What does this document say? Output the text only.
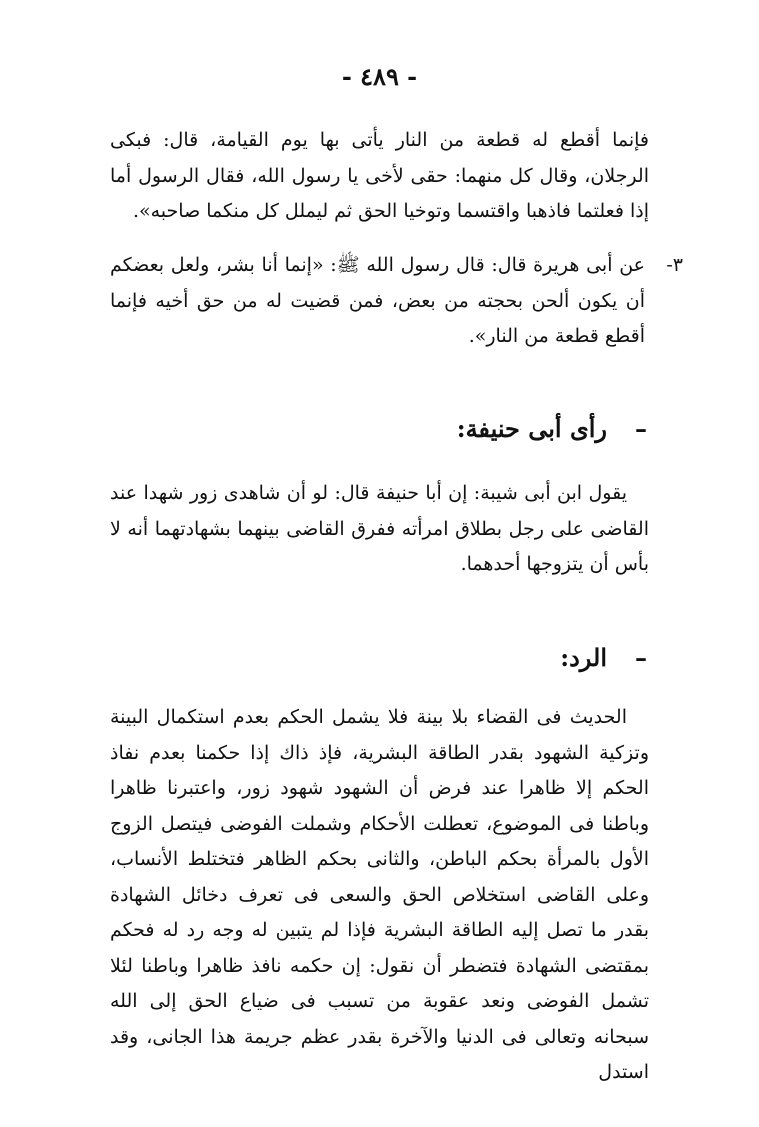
- ٤٨٩ -

فإنما أقطع له قطعة من النار يأتى بها يوم القيامة، قال: فبكى الرجلان، وقال كل منهما: حقى لأخى يا رسول الله، فقال الرسول أما إذا فعلتما فاذهبا واقتسما وتوخيا الحق ثم ليملل كل منكما صاحبه».

٣-

عن أبى هريرة قال: قال رسول الله ﷺ: «إنما أنا بشر، ولعل بعضكم أن يكون ألحن بحجته من بعض، فمن قضيت له من حق أخيه فإنما أقطع قطعة من النار».

–رأى أبى حنيفة:

يقول ابن أبى شيبة: إن أبا حنيفة قال: لو أن شاهدى زور شهدا عند القاضى على رجل بطلاق امرأته ففرق القاضى بينهما بشهادتهما أنه لا بأس أن يتزوجها أحدهما.

–الرد:

الحديث فى القضاء بلا بينة فلا يشمل الحكم بعدم استكمال البينة وتزكية الشهود بقدر الطاقة البشرية، فإذ ذاك إذا حكمنا بعدم نفاذ الحكم إلا ظاهرا عند فرض أن الشهود شهود زور، واعتبرنا ظاهرا وباطنا فى الموضوع، تعطلت الأحكام وشملت الفوضى فيتصل الزوج الأول بالمرأة بحكم الباطن، والثانى بحكم الظاهر فتختلط الأنساب، وعلى القاضى استخلاص الحق والسعى فى تعرف دخائل الشهادة بقدر ما تصل إليه الطاقة البشرية فإذا لم يتبين له وجه رد له فحكم بمقتضى الشهادة فتضطر أن نقول: إن حكمه نافذ ظاهرا وباطنا لئلا تشمل الفوضى ونعد عقوبة من تسبب فى ضياع الحق إلى الله سبحانه وتعالى فى الدنيا والآخرة بقدر عظم جريمة هذا الجانى، وقد استدل
